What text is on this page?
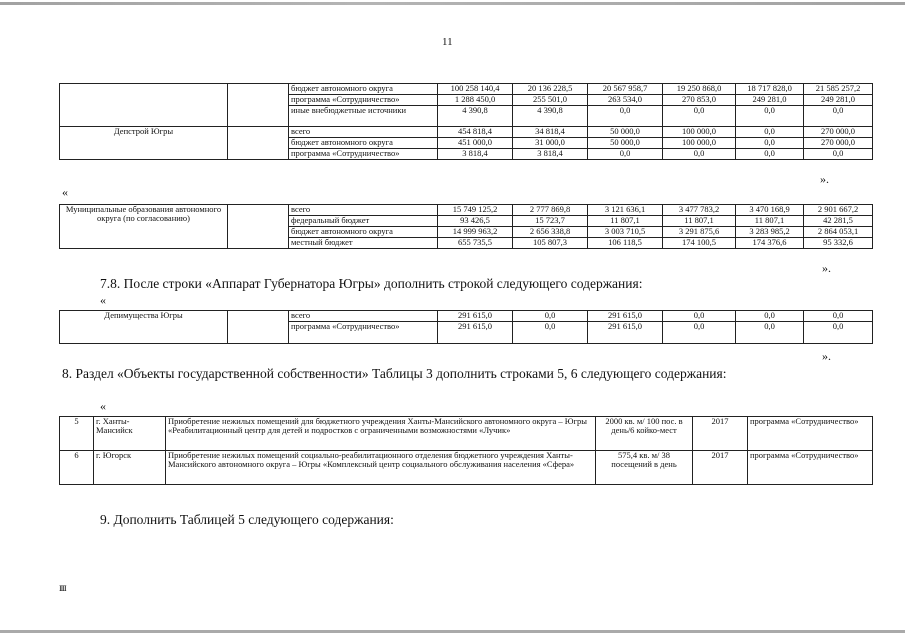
11
		бюджет автономного округа	100 258 140,4	20 136 228,5	20 567 958,7	19 250 868,0	18 717 828,0	21 585 257,2
		программа «Сотрудничество»	1 288 450,0	255 501,0	263 534,0	270 853,0	249 281,0	249 281,0
		иные внебюджетные источники	4 390,8	4 390,8	0,0	0,0	0,0	0,0
Депстрой Югры		всего	454 818,4	34 818,4	50 000,0	100 000,0	0,0	270 000,0
		бюджет автономного округа	451 000,0	31 000,0	50 000,0	100 000,0	0,0	270 000,0
		программа «Сотрудничество»	3 818,4	3 818,4	0,0	0,0	0,0	0,0
».
«
Муниципальные образования автономного округа (по согласованию)		всего	15 749 125,2	2 777 869,8	3 121 636,1	3 477 783,2	3 470 168,9	2 901 667,2
		федеральный бюджет	93 426,5	15 723,7	11 807,1	11 807,1	11 807,1	42 281,5
		бюджет автономного округа	14 999 963,2	2 656 338,8	3 003 710,5	3 291 875,6	3 283 985,2	2 864 053,1
		местный бюджет	655 735,5	105 807,3	106 118,5	174 100,5	174 376,6	95 332,6
».
7.8. После строки «Аппарат Губернатора Югры» дополнить строкой следующего содержания:
«
Депимущества Югры		всего	291 615,0	0,0	291 615,0	0,0	0,0	0,0
		программа «Сотрудничество»	291 615,0	0,0	291 615,0	0,0	0,0	0,0
».
8. Раздел «Объекты государственной собственности» Таблицы 3 дополнить строками 5, 6 следующего содержания:
«
5	г. Ханты-Мансийск	Приобретение нежилых помещений для бюджетного учреждения Ханты-Мансийского автономного округа – Югры «Реабилитационный центр для детей и подростков с ограниченными возможностями «Лучик»	2000 кв. м/ 100 пос. в день/6 койко-мест	2017	программа «Сотрудничество»
6	г. Югорск	Приобретение нежилых помещений социально-реабилитационного отделения бюджетного учреждения Ханты-Мансийского автономного округа – Югры «Комплексный центр социального обслуживания населения «Сфера»	575,4 кв. м/ 38 посещений в день	2017	программа «Сотрудничество»
9. Дополнить Таблицей 5 следующего содержания:
ІІІІ
